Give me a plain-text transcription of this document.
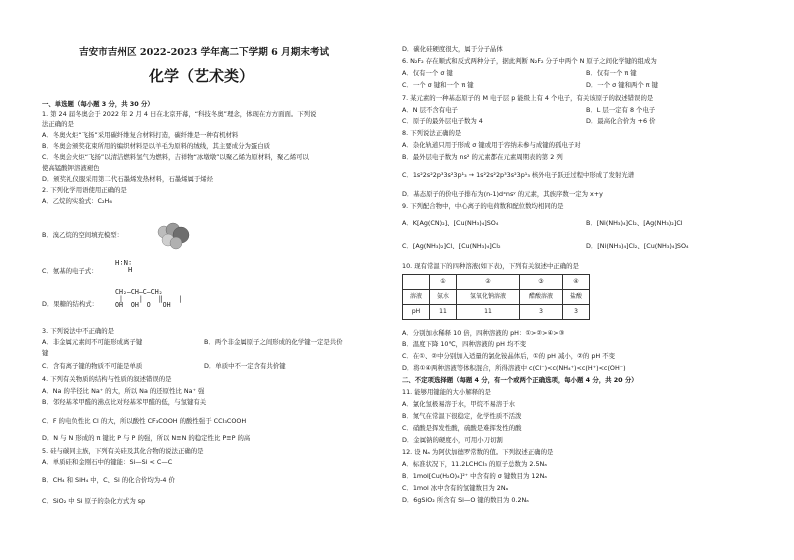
吉安市吉州区 2022-2023 学年高二下学期 6 月期末考试
化学（艺术类）
一、单选题（每小题 3 分，共 30 分）
1. 第 24 届冬奥会于 2022 年 2 月 4 日在北京开幕，“科技冬奥”理念，体现在方方面面。下列说
法正确的是
A．冬奥火炬“飞扬”采用碳纤维复合材料打造，碳纤维是一种有机材料
B．冬奥会颁奖花束所用的编织材料是以羊毛为原料的绒线，其主要成分为蛋白质
C．冬奥会火炬“飞扬”以清洁燃料氢气为燃料，吉祥物“冰墩墩”以聚乙烯为原材料，聚乙烯可以
使高锰酸钾溶液褪色
D．颁奖礼仪服采用第二代石墨烯发热材料，石墨烯属于烯烃
2. 下列化学用语使用正确的是
A．乙烷的实验式：C₂H₆
B．溴乙烷的空间填充模型：
H∶N∶
H
C．氨基的电子式：
CH₂—CH—C—CH₂
|    |    ‖    |
OH  OH  O   OH
D．果糖的结构式：
3. 下列说法中不正确的是
A．非金属元素间不可能形成离子键	B．两个非金属原子之间形成的化学键一定是共价
键
C．含有离子键的物质不可能是单质	D．单质中不一定含有共价键
4. 下列有关物质的结构与性质的叙述错误的是
A．Na 的半径比 Na⁺ 的大，所以 Na 的还原性比 Na⁺ 强
B．邻羟基苯甲醛的沸点比对羟基苯甲醛的低，与氢键有关
C．F 的电负性比 Cl 的大，所以酸性 CF₃COOH 的酸性强于 CCl₃COOH
D．N 与 N 形成的 π 键比 P 与 P 的强，所以 N≡N 的稳定性比 P≡P 的高
5. 硅与碳同主族，下列有关硅及其化合物的说法正确的是
A．单质硅和金刚石中的键能：Si—Si < C—C
B．CH₄ 和 SiH₄ 中，C、Si 的化合价均为-4 价
C．SiO₂ 中 Si 原子的杂化方式为 sp
D．碳化硅硬度很大，属于分子晶体
6. N₂F₂ 存在顺式和反式两种分子，据此判断 N₂F₂ 分子中两个 N 原子之间化学键的组成为
A．仅有一个 σ 键	B．仅有一个 π 键
C．一个 σ 键和一个 π 键	D．一个 σ 键和两个 π 键
7. 某元素的一种基态原子的 M 电子层 p 能级上有 4 个电子，有关该原子的叙述错误的是
A．N 层不含有电子	B．L 层一定有 8 个电子
C．原子的最外层电子数为 4	D．最高化合价为 +6 价
8. 下列说法正确的是
A．杂化轨道只用于形成 σ 键或用于容纳未参与成键的孤电子对
B．最外层电子数为 ns² 的元素都在元素周期表的第 2 列
C．1s²2s²2p³3s²3p¹₃ → 1s²2s²2p³3s²3p¹₃ 核外电子跃迁过程中形成了发射光谱
D．基态原子的价电子排布为(n-1)dˣnsʸ 的元素，其族序数一定为 x+y
9. 下列配合物中，中心离子的电荷数和配位数均相同的是
A．K[Ag(CN)₂]、[Cu(NH₃)₄]SO₄	B．[Ni(NH₃)₄]Cl₂、[Ag(NH₃)₂]Cl
C．[Ag(NH₃)₂]Cl、[Cu(NH₃)₄]Cl₂	D．[Ni(NH₃)₄]Cl₂、[Cu(NH₃)₄]SO₄
10. 现有常温下的四种溶液(如下表)，下列有关叙述中正确的是
	①	②	③	④
溶液	氨水	氢氧化钠溶液	醋酸溶液	盐酸
pH	11	11	3	3
A．分别加水稀释 10 倍，四种溶液的 pH：①>②>④>③
B．温度下降 10℃，四种溶液的 pH 均不变
C．在①、②中分别加入适量的氯化铵晶体后，①的 pH 减小，②的 pH 不变
D．将①④两种溶液等体积混合，所得溶液中 c(Cl⁻)<c(NH₄⁺)<c(H⁺)<c(OH⁻)
二、不定项选择题（每题 4 分，有一个或两个正确选项，每小题 4 分，共 20 分）
11. 能够用键能的大小解释的是
A．氯化氢极易溶于水，甲烷不易溶于水
B．氮气在常温下很稳定，化学性质不活泼
C．硝酸是挥发性酸，硫酸是难挥发性的酸
D．金属钠的硬度小，可用小刀切割
12. 设 Nₐ 为阿伏加德罗常数的值。下列叙述正确的是
A．标准状况下，11.2LCHCl₃ 的原子总数为 2.5Nₐ
B．1mol[Cu(H₂O)₄]²⁺ 中含有的 σ 键数目为 12Nₐ
C．1mol 冰中含有的氢键数目为 2Nₐ
D．6gSiO₂ 所含有 Si—O 键的数目为 0.2Nₐ
